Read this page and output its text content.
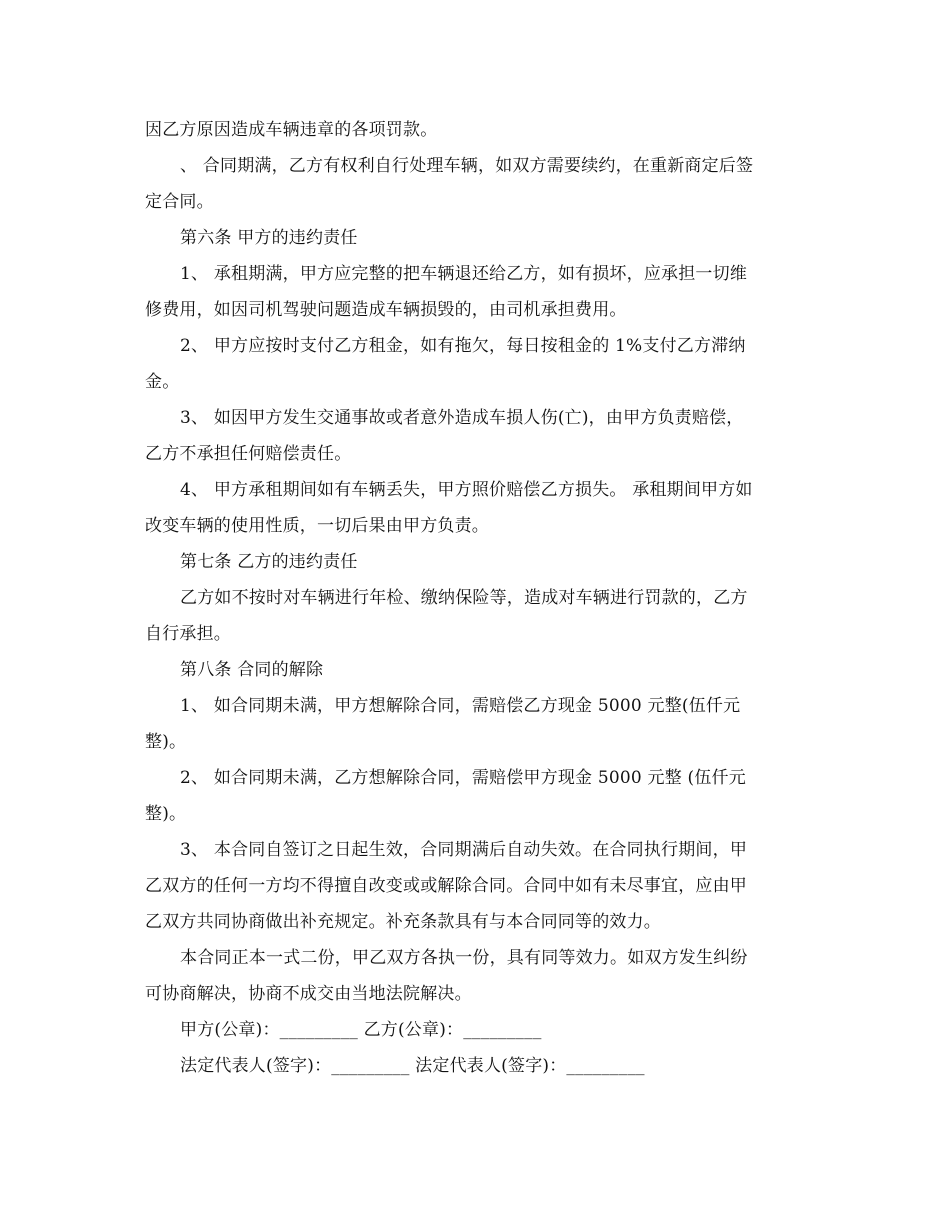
因乙方原因造成车辆违章的各项罚款。
、 合同期满，乙方有权利自行处理车辆，如双方需要续约，在重新商定后签
定合同。
第六条 甲方的违约责任
1、 承租期满，甲方应完整的把车辆退还给乙方，如有损坏，应承担一切维
修费用，如因司机驾驶问题造成车辆损毁的，由司机承担费用。
2、 甲方应按时支付乙方租金，如有拖欠，每日按租金的 1%支付乙方滞纳
金。
3、 如因甲方发生交通事故或者意外造成车损人伤(亡)，由甲方负责赔偿，
乙方不承担任何赔偿责任。
4、 甲方承租期间如有车辆丢失，甲方照价赔偿乙方损失。 承租期间甲方如
改变车辆的使用性质，一切后果由甲方负责。
第七条 乙方的违约责任
乙方如不按时对车辆进行年检、缴纳保险等，造成对车辆进行罚款的，乙方
自行承担。
第八条 合同的解除
1、 如合同期未满，甲方想解除合同，需赔偿乙方现金 5000 元整(伍仟元
整)。
2、 如合同期未满，乙方想解除合同，需赔偿甲方现金 5000 元整 (伍仟元
整)。
3、 本合同自签订之日起生效，合同期满后自动失效。在合同执行期间，甲
乙双方的任何一方均不得擅自改变或或解除合同。合同中如有未尽事宜，应由甲
乙双方共同协商做出补充规定。补充条款具有与本合同同等的效力。
本合同正本一式二份，甲乙双方各执一份，具有同等效力。如双方发生纠纷
可协商解决，协商不成交由当地法院解决。
甲方(公章)：_________ 乙方(公章)：_________
法定代表人(签字)：_________ 法定代表人(签字)：_________
